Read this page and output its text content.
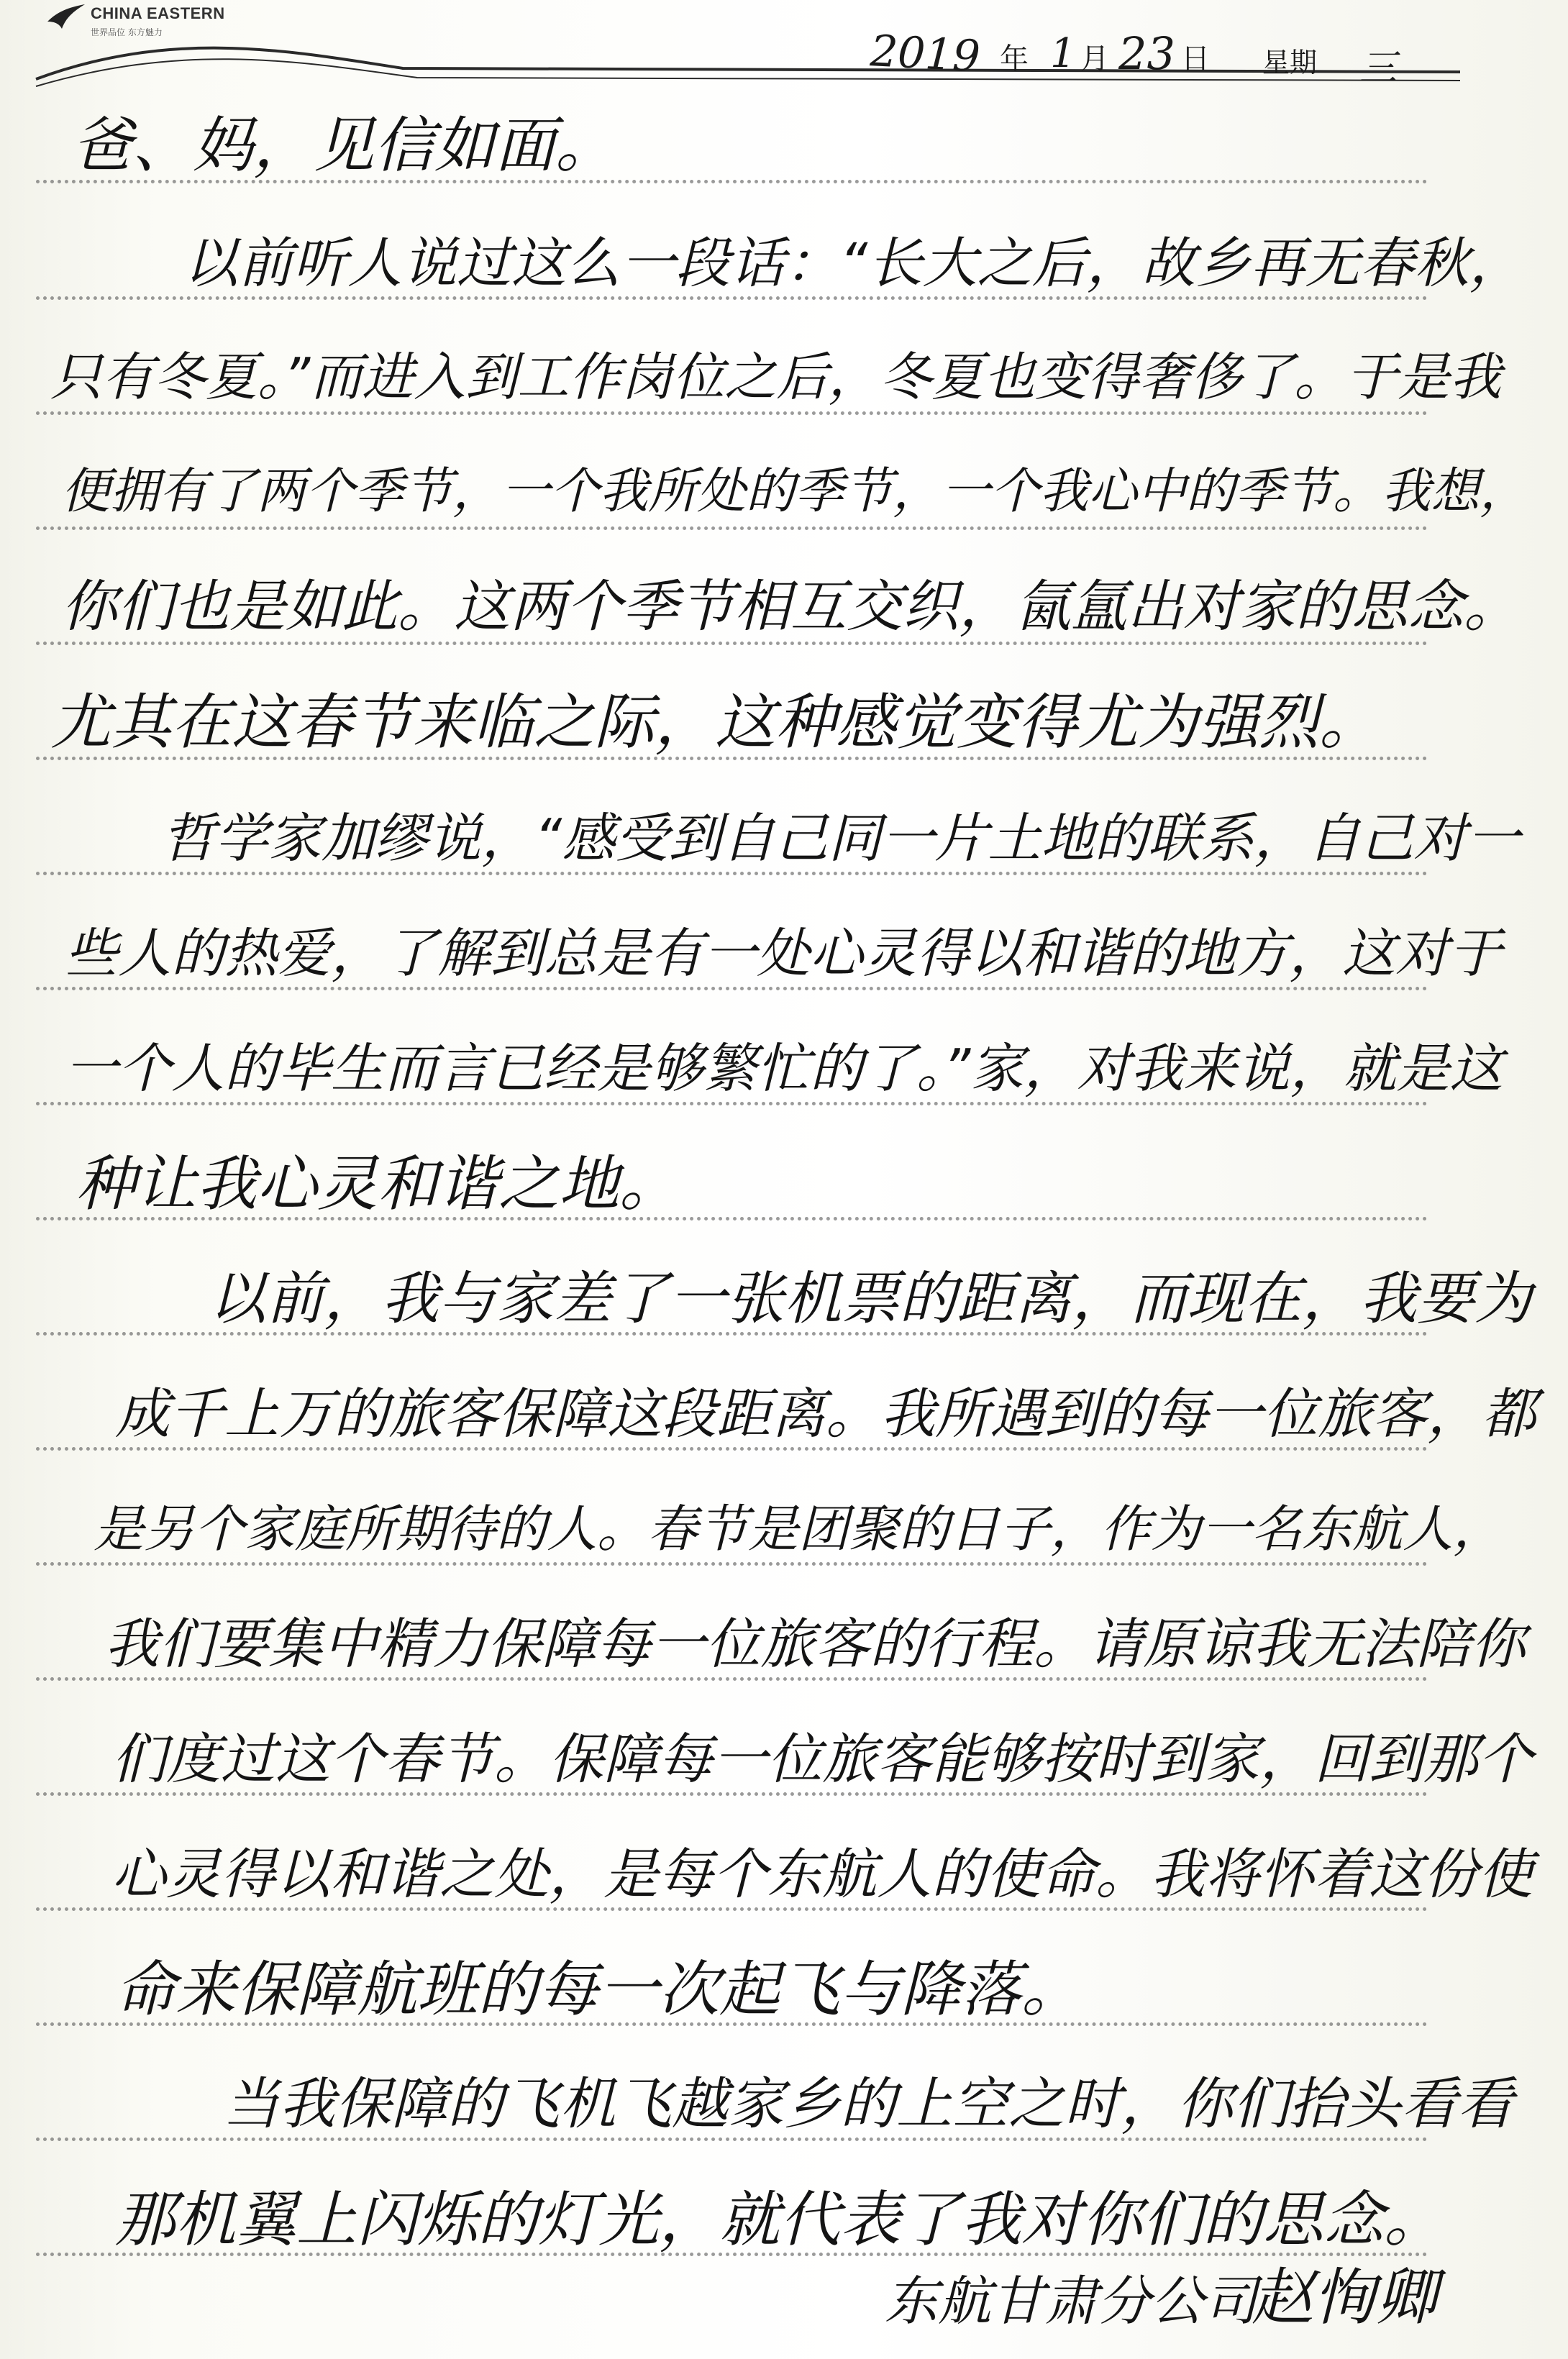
CHINA EASTERN
世界品位 东方魅力	2019 年 1 月 23 日 星期 三
爸、妈，见信如面。
以前听人说过这么一段话：“长大之后，故乡再无春秋，
只有冬夏。”而进入到工作岗位之后，冬夏也变得奢侈了。于是我
便拥有了两个季节，一个我所处的季节，一个我心中的季节。我想，
你们也是如此。这两个季节相互交织，氤氲出对家的思念。
尤其在这春节来临之际，这种感觉变得尤为强烈。
哲学家加缪说，“感受到自己同一片土地的联系，自己对一
些人的热爱，了解到总是有一处心灵得以和谐的地方，这对于
一个人的毕生而言已经是够繁忙的了。”家，对我来说，就是这
种让我心灵和谐之地。
以前，我与家差了一张机票的距离，而现在，我要为
成千上万的旅客保障这段距离。我所遇到的每一位旅客，都
是另个家庭所期待的人。春节是团聚的日子，作为一名东航人，
我们要集中精力保障每一位旅客的行程。请原谅我无法陪你
们度过这个春节。保障每一位旅客能够按时到家，回到那个
心灵得以和谐之处，是每个东航人的使命。我将怀着这份使
命来保障航班的每一次起飞与降落。
当我保障的飞机飞越家乡的上空之时，你们抬头看看
那机翼上闪烁的灯光，就代表了我对你们的思念。
东航甘肃分公司
赵恂卿
